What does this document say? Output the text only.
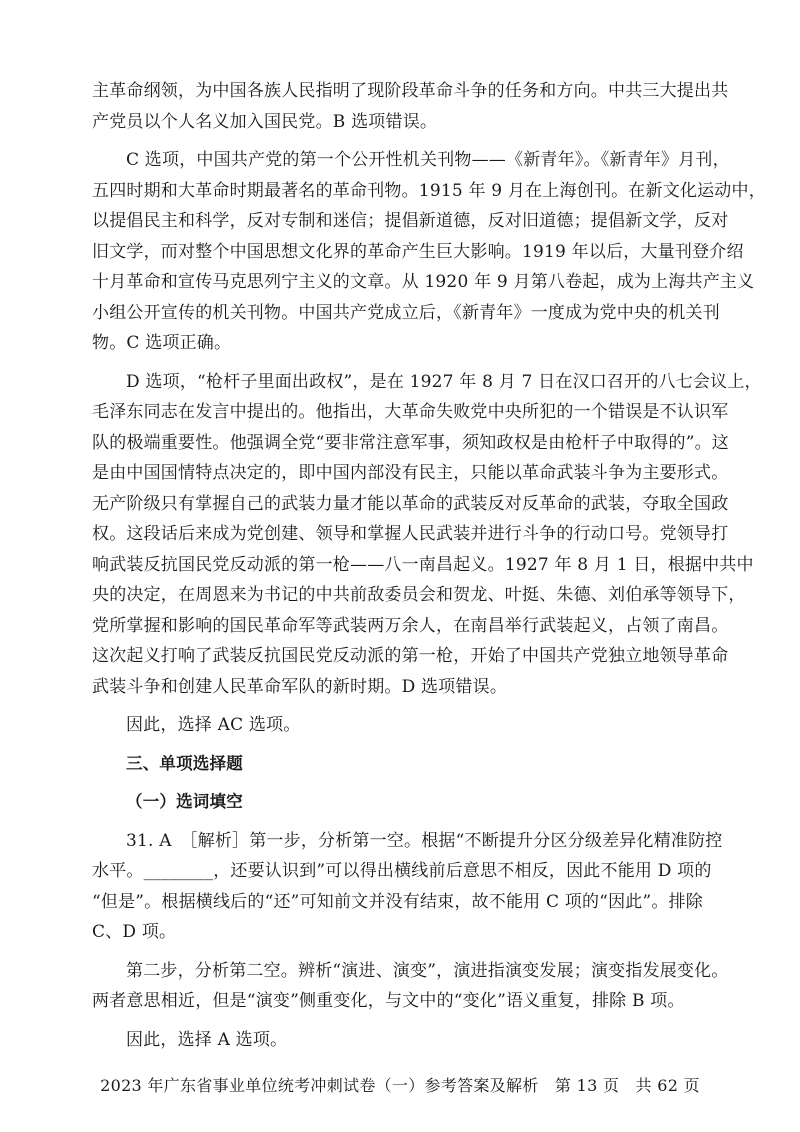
主革命纲领，为中国各族人民指明了现阶段革命斗争的任务和方向。中共三大提出共
产党员以个人名义加入国民党。B 选项错误。
C 选项，中国共产党的第一个公开性机关刊物——《新青年》。《新青年》月刊，
五四时期和大革命时期最著名的革命刊物。1915 年 9 月在上海创刊。在新文化运动中，
以提倡民主和科学，反对专制和迷信；提倡新道德，反对旧道德；提倡新文学，反对
旧文学，而对整个中国思想文化界的革命产生巨大影响。1919 年以后，大量刊登介绍
十月革命和宣传马克思列宁主义的文章。从 1920 年 9 月第八卷起，成为上海共产主义
小组公开宣传的机关刊物。中国共产党成立后，《新青年》一度成为党中央的机关刊
物。C 选项正确。
D 选项，“枪杆子里面出政权”，是在 1927 年 8 月 7 日在汉口召开的八七会议上，
毛泽东同志在发言中提出的。他指出，大革命失败党中央所犯的一个错误是不认识军
队的极端重要性。他强调全党“要非常注意军事，须知政权是由枪杆子中取得的”。这
是由中国国情特点决定的，即中国内部没有民主，只能以革命武装斗争为主要形式。
无产阶级只有掌握自己的武装力量才能以革命的武装反对反革命的武装，夺取全国政
权。这段话后来成为党创建、领导和掌握人民武装并进行斗争的行动口号。党领导打
响武装反抗国民党反动派的第一枪——八一南昌起义。1927 年 8 月 1 日，根据中共中
央的决定，在周恩来为书记的中共前敌委员会和贺龙、叶挺、朱德、刘伯承等领导下，
党所掌握和影响的国民革命军等武装两万余人，在南昌举行武装起义，占领了南昌。
这次起义打响了武装反抗国民党反动派的第一枪，开始了中国共产党独立地领导革命
武装斗争和创建人民革命军队的新时期。D 选项错误。
因此，选择 AC 选项。
三、单项选择题
（一）选词填空
31. A　［解析］第一步，分析第一空。根据“不断提升分区分级差异化精准防控
水平。________，还要认识到”可以得出横线前后意思不相反，因此不能用 D 项的
“但是”。根据横线后的“还”可知前文并没有结束，故不能用 C 项的“因此”。排除
C、D 项。
第二步，分析第二空。辨析“演进、演变”，演进指演变发展；演变指发展变化。
两者意思相近，但是“演变”侧重变化，与文中的“变化”语义重复，排除 B 项。
因此，选择 A 选项。
2023 年广东省事业单位统考冲刺试卷（一）参考答案及解析　第 13 页　共 62 页
